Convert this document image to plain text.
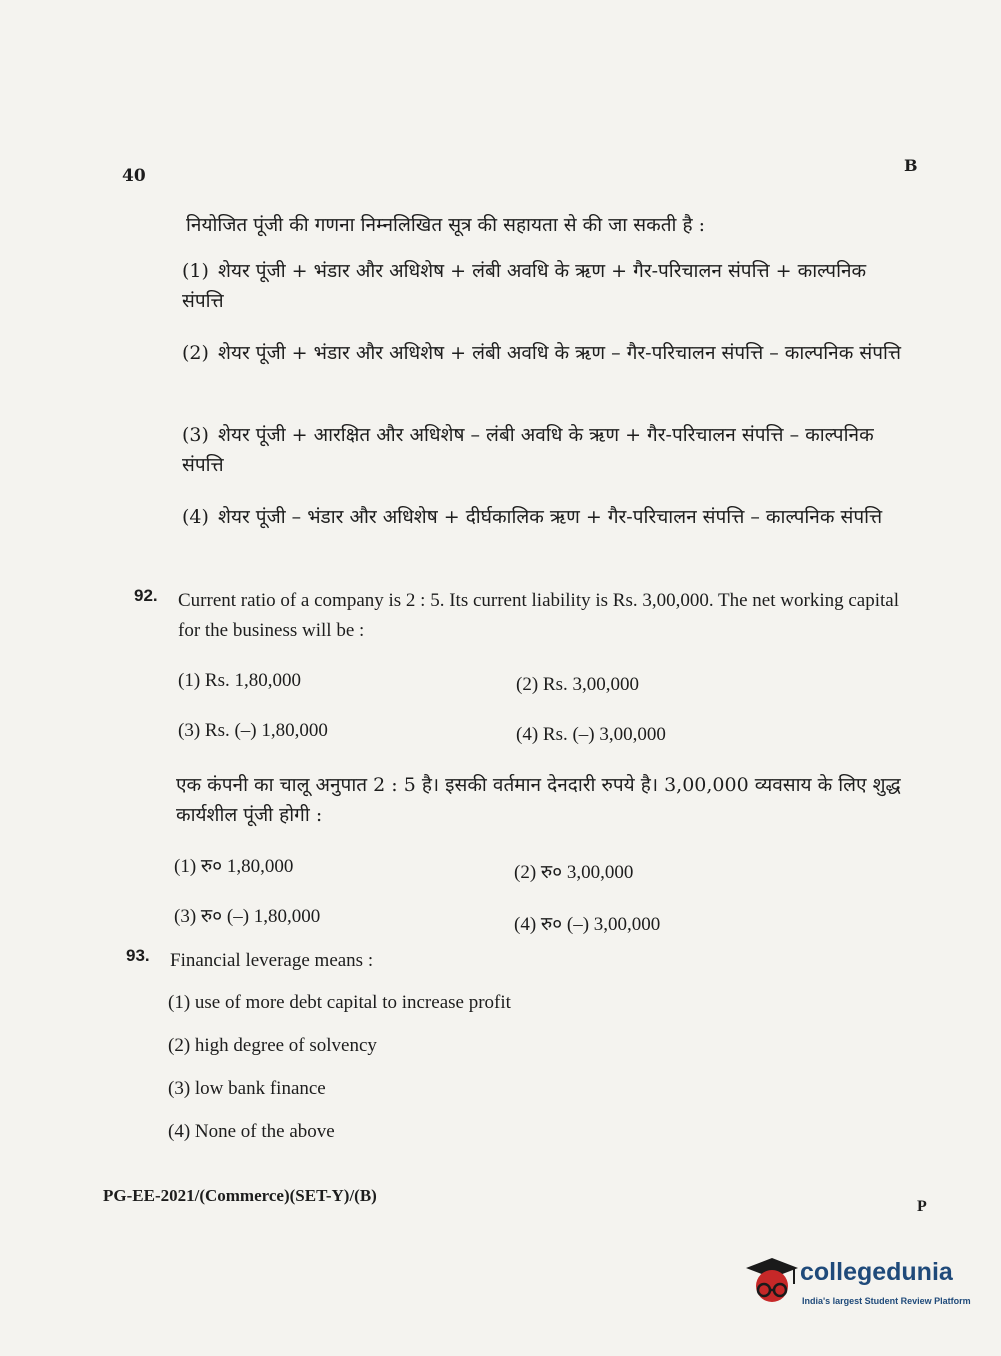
40
B
नियोजित पूंजी की गणना निम्नलिखित सूत्र की सहायता से की जा सकती है :
(1) शेयर पूंजी + भंडार और अधिशेष + लंबी अवधि के ऋण + गैर-परिचालन संपत्ति + काल्पनिक संपत्ति
(2) शेयर पूंजी + भंडार और अधिशेष + लंबी अवधि के ऋण – गैर-परिचालन संपत्ति – काल्पनिक संपत्ति
(3) शेयर पूंजी + आरक्षित और अधिशेष – लंबी अवधि के ऋण + गैर-परिचालन संपत्ति – काल्पनिक संपत्ति
(4) शेयर पूंजी – भंडार और अधिशेष + दीर्घकालिक ऋण + गैर-परिचालन संपत्ति – काल्पनिक संपत्ति
92. Current ratio of a company is 2 : 5. Its current liability is Rs. 3,00,000. The net working capital for the business will be :
(1) Rs. 1,80,000	(2) Rs. 3,00,000
(3) Rs. (–) 1,80,000	(4) Rs. (–) 3,00,000
एक कंपनी का चालू अनुपात 2 : 5 है। इसकी वर्तमान देनदारी रुपये है। 3,00,000 व्यवसाय के लिए शुद्ध कार्यशील पूंजी होगी :
(1) रु० 1,80,000	(2) रु० 3,00,000
(3) रु० (–) 1,80,000	(4) रु० (–) 3,00,000
93. Financial leverage means :
(1) use of more debt capital to increase profit
(2) high degree of solvency
(3) low bank finance
(4) None of the above
PG-EE-2021/(Commerce)(SET-Y)/(B)
P
collegedunia
India's largest Student Review Platform
